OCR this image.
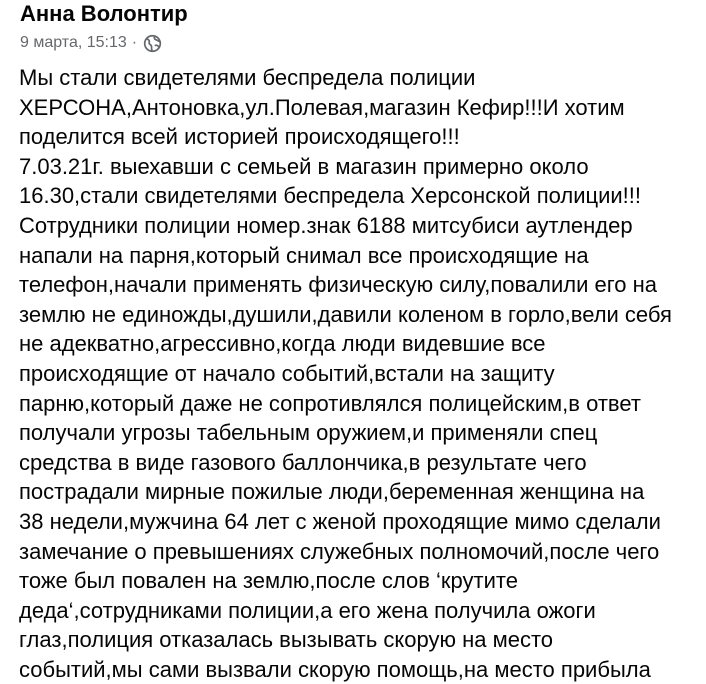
Анна Волонтир
9 марта, 15:13 ·
Мы стали свидетелями беспредела полиции
ХЕРСОНА,Антоновка,ул.Полевая,магазин Кефир!!!И хотим
поделится всей историей происходящего!!!
7.03.21г. выехавши с семьей в магазин примерно около
16.30,стали свидетелями беспредела Херсонской полиции!!!
Сотрудники полиции номер.знак 6188 митсубиси аутлендер
напали на парня,который снимал все происходящие на
телефон,начали применять физическую силу,повалили его на
землю не единожды,душили,давили коленом в горло,вели себя
не адекватно,агрессивно,когда люди видевшие все
происходящие от начало событий,встали на защиту
парню,который даже не сопротивлялся полицейским,в ответ
получали угрозы табельным оружием,и применяли спец
средства в виде газового баллончика,в результате чего
пострадали мирные пожилые люди,беременная женщина на
38 недели,мужчина 64 лет с женой проходящие мимо сделали
замечание о превышениях служебных полномочий,после чего
тоже был повален на землю,после слов ‘крутите
деда‘,сотрудниками полиции,а его жена получила ожоги
глаз,полиция отказалась вызывать скорую на место
событий,мы сами вызвали скорую помощь,на место прибыла
